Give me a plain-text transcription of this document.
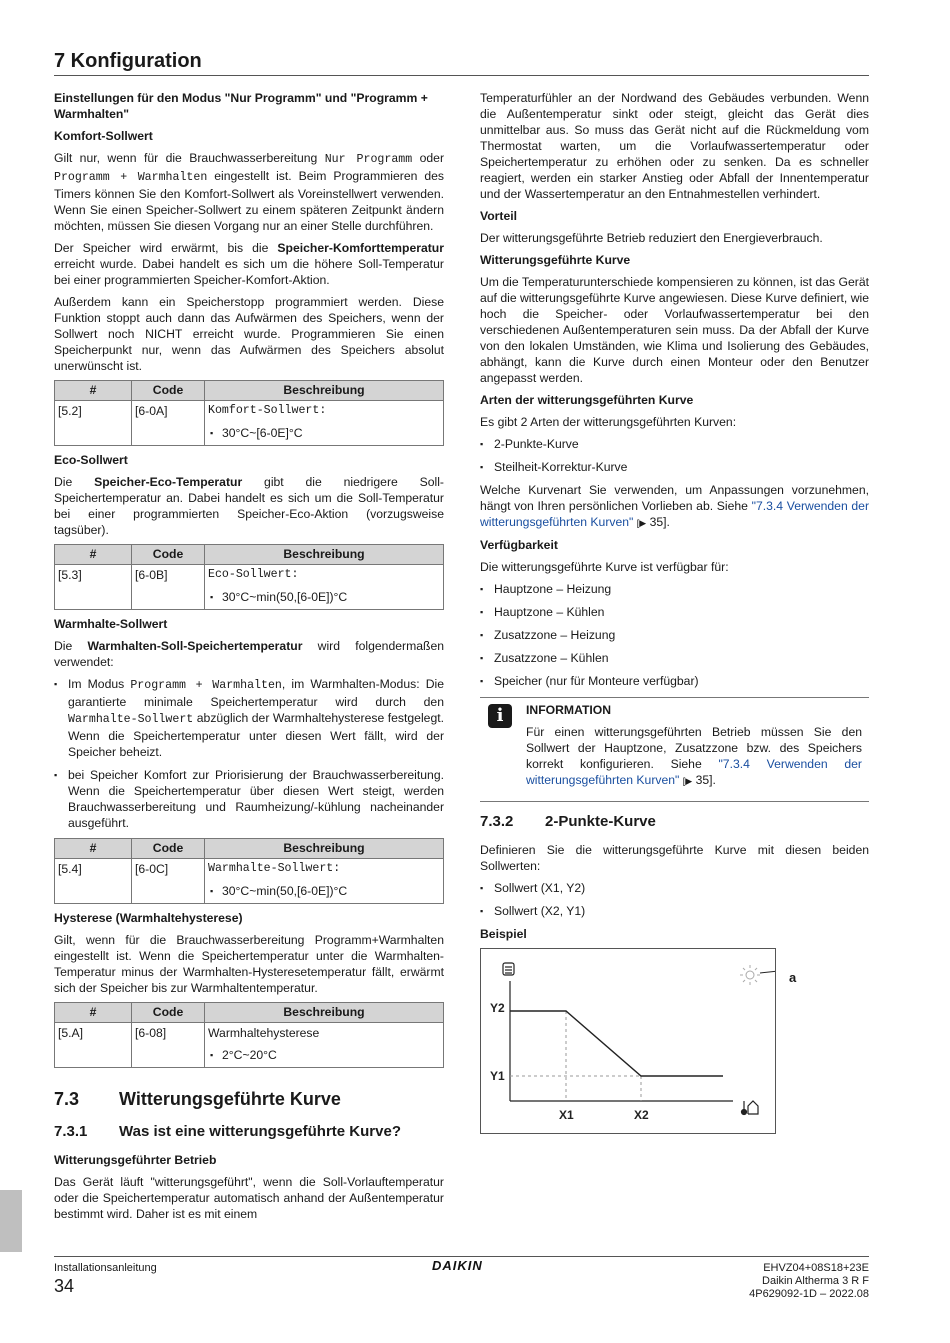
7 Konfiguration
Einstellungen für den Modus "Nur Programm" und "Programm + Warmhalten"
Komfort-Sollwert

Gilt nur, wenn für die Brauchwasserbereitung Nur Programm oder Programm + Warmhalten eingestellt ist. Beim Programmieren des Timers können Sie den Komfort-Sollwert als Voreinstellwert verwenden. Wenn Sie einen Speicher-Sollwert zu einem späteren Zeitpunkt ändern möchten, müssen Sie diesen Vorgang nur an einer Stelle durchführen.

Der Speicher wird erwärmt, bis die Speicher-Komforttemperatur erreicht wurde. Dabei handelt es sich um die höhere Soll-Temperatur bei einer programmierten Speicher-Komfort-Aktion.

Außerdem kann ein Speicherstopp programmiert werden. Diese Funktion stoppt auch dann das Aufwärmen des Speichers, wenn der Sollwert noch NICHT erreicht wurde. Programmieren Sie einen Speicherpunkt nur, wenn das Aufwärmen des Speichers absolut unerwünscht ist.

#	Code	Beschreibung
[5.2]	[6-0A]	Komfort-Sollwert:
▪ 30°C~[6-0E]°C
Eco-Sollwert

Die Speicher-Eco-Temperatur gibt die niedrigere Soll-Speichertemperatur an. Dabei handelt es sich um die Soll-Temperatur bei einer programmierten Speicher-Eco-Aktion (vorzugsweise tagsüber).

#	Code	Beschreibung
[5.3]	[6-0B]	Eco-Sollwert:
▪ 30°C~min(50,[6-0E])°C
Warmhalte-Sollwert

Die Warmhalten-Soll-Speichertemperatur wird folgendermaßen verwendet:

▪ Im Modus Programm + Warmhalten, im Warmhalten-Modus: Die garantierte minimale Speichertemperatur wird durch den Warmhalte-Sollwert abzüglich der Warmhaltehysterese festgelegt. Wenn die Speichertemperatur unter diesen Wert fällt, wird der Speicher beheizt.
▪ bei Speicher Komfort zur Priorisierung der Brauchwasserbereitung. Wenn die Speichertemperatur über diesen Wert steigt, werden Brauchwasserbereitung und Raumheizung/-kühlung nacheinander ausgeführt.
#	Code	Beschreibung
[5.4]	[6-0C]	Warmhalte-Sollwert:
▪ 30°C~min(50,[6-0E])°C
Hysterese (Warmhaltehysterese)

Gilt, wenn für die Brauchwasserbereitung Programm+Warmhalten eingestellt ist. Wenn die Speichertemperatur unter die Warmhalten-Temperatur minus der Warmhalten-Hysteresetemperatur fällt, erwärmt sich der Speicher bis zur Warmhaltentemperatur.

#	Code	Beschreibung
[5.A]	[6-08]	Warmhaltehysterese
▪ 2°C~20°C
7.3	Witterungsgeführte Kurve
7.3.1	Was ist eine witterungsgeführte Kurve?
Witterungsgeführter Betrieb

Das Gerät läuft "witterungsgeführt", wenn die Soll-Vorlauftemperatur oder die Speichertemperatur automatisch anhand der Außentemperatur bestimmt wird. Daher ist es mit einem

Temperaturfühler an der Nordwand des Gebäudes verbunden. Wenn die Außentemperatur sinkt oder steigt, gleicht das Gerät dies unmittelbar aus. So muss das Gerät nicht auf die Rückmeldung vom Thermostat warten, um die Vorlaufwassertemperatur oder Speichertemperatur zu erhöhen oder zu senken. Da es schneller reagiert, werden ein starker Anstieg oder Abfall der Innentemperatur und der Wassertemperatur an den Entnahmestellen verhindert.

Vorteil

Der witterungsgeführte Betrieb reduziert den Energieverbrauch.

Witterungsgeführte Kurve

Um die Temperaturunterschiede kompensieren zu können, ist das Gerät auf die witterungsgeführte Kurve angewiesen. Diese Kurve definiert, wie hoch die Speicher- oder Vorlaufwassertemperatur bei den verschiedenen Außentemperaturen sein muss. Da der Abfall der Kurve von den lokalen Umständen, wie Klima und Isolierung des Gebäudes, abhängt, kann die Kurve durch einen Monteur oder den Benutzer angepasst werden.

Arten der witterungsgeführten Kurve

Es gibt 2 Arten der witterungsgeführten Kurven:

▪ 2-Punkte-Kurve
▪ Steilheit-Korrektur-Kurve

Welche Kurvenart Sie verwenden, um Anpassungen vorzunehmen, hängt von Ihren persönlichen Vorlieben ab. Siehe "7.3.4 Verwenden der witterungsgeführten Kurven" [▶ 35].

Verfügbarkeit

Die witterungsgeführte Kurve ist verfügbar für:

▪ Hauptzone – Heizung
▪ Hauptzone – Kühlen
▪ Zusatzzone – Heizung
▪ Zusatzzone – Kühlen
▪ Speicher (nur für Monteure verfügbar)
i	INFORMATION

Für einen witterungsgeführten Betrieb müssen Sie den Sollwert der Hauptzone, Zusatzzone bzw. des Speichers korrekt konfigurieren. Siehe "7.3.4 Verwenden der witterungsgeführten Kurven" [▶ 35].

7.3.2	2-Punkte-Kurve

Definieren Sie die witterungsgeführte Kurve mit diesen beiden Sollwerten:

▪ Sollwert (X1, Y2)
▪ Sollwert (X2, Y1)
Beispiel
Y2
Y1
X1	X2
a
Installationsanleitung
34
DAIKIN	EHVZ04+08S18+23E
Daikin Altherma 3 R F
4P629092-1D – 2022.08
